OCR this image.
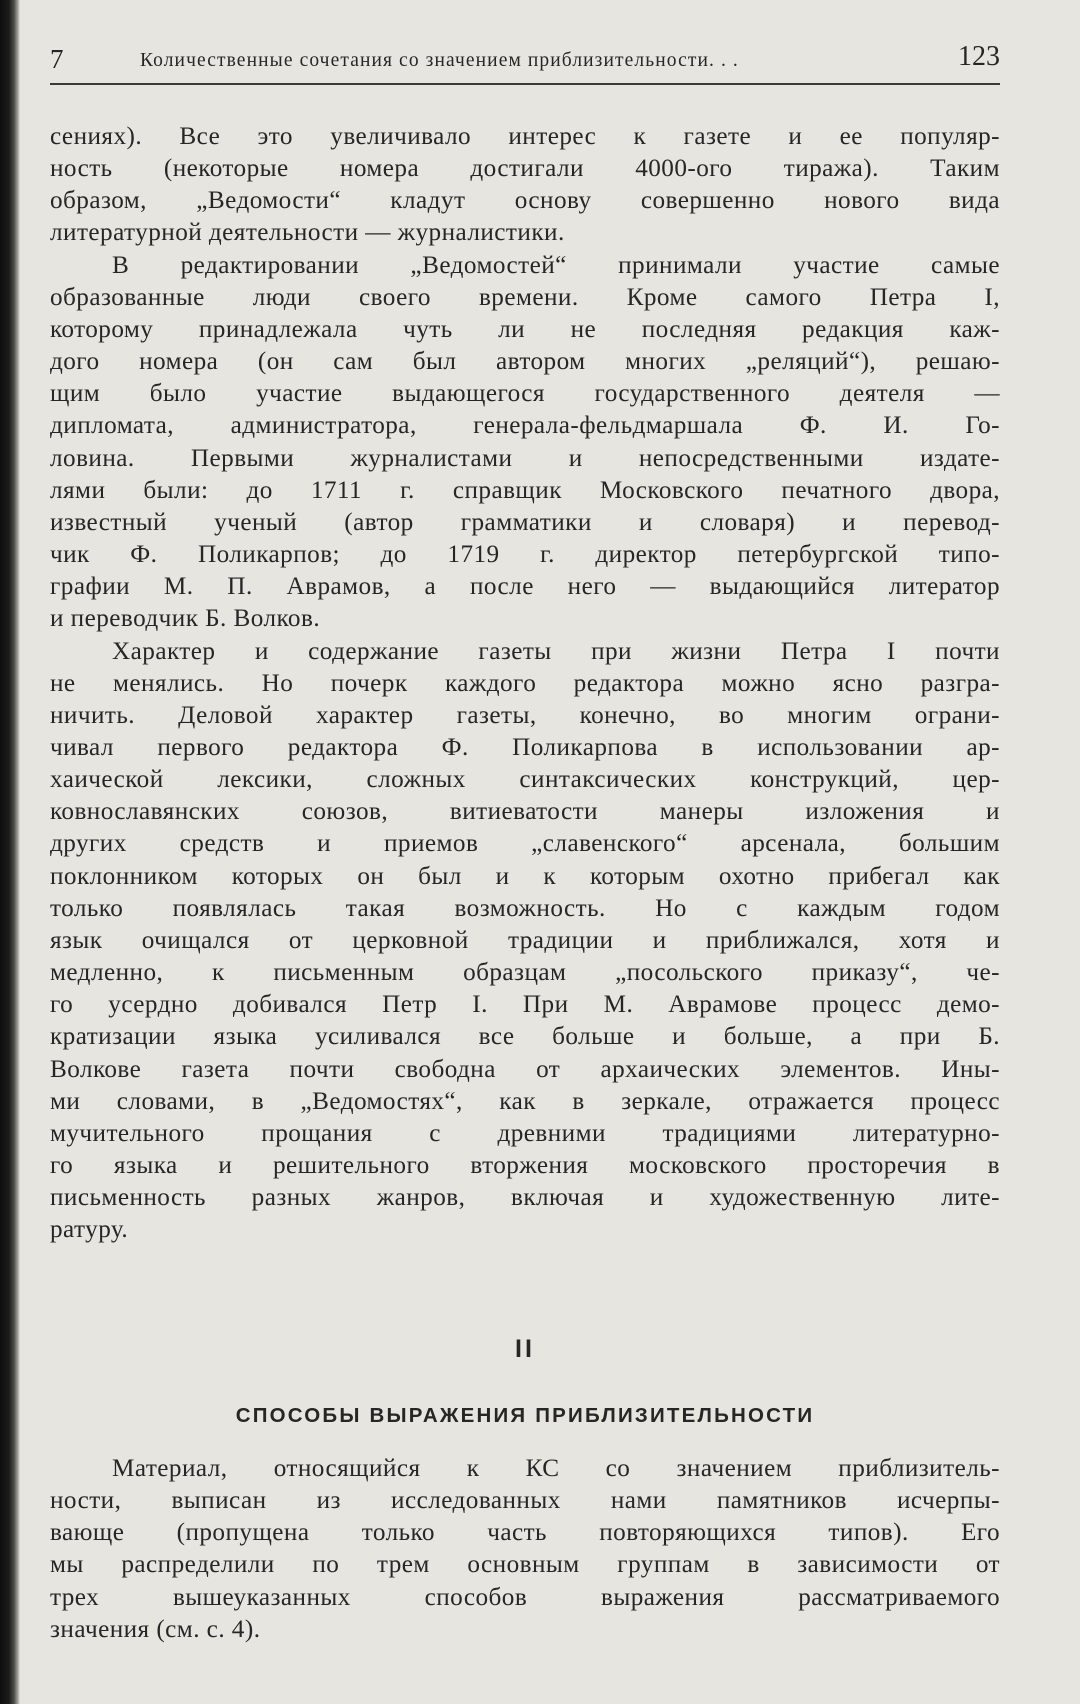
7	Количественные сочетания со значением приблизительности. . .	123

сениях). Все это увеличивало интерес к газете и ее популяр-
ность (некоторые номера достигали 4000-ого тиража). Таким
образом, „Ведомости“ кладут основу совершенно нового вида
литературной деятельности — журналистики.

В редактировании „Ведомостей“ принимали участие самые
образованные люди своего времени. Кроме самого Петра I,
которому принадлежала чуть ли не последняя редакция каж-
дого номера (он сам был автором многих „реляций“), решаю-
щим было участие выдающегося государственного деятеля —
дипломата, администратора, генерала-фельдмаршала Ф. И. Го-
ловина. Первыми журналистами и непосредственными издате-
лями были: до 1711 г. справщик Московского печатного двора,
известный ученый (автор грамматики и словаря) и перевод-
чик Ф. Поликарпов; до 1719 г. директор петербургской типо-
графии М. П. Аврамов, а после него — выдающийся литератор
и переводчик Б. Волков.

Характер и содержание газеты при жизни Петра I почти
не менялись. Но почерк каждого редактора можно ясно разгра-
ничить. Деловой характер газеты, конечно, во многим ограни-
чивал первого редактора Ф. Поликарпова в использовании ар-
хаической лексики, сложных синтаксических конструкций, цер-
ковнославянских союзов, витиеватости манеры изложения и
других средств и приемов „славенского“ арсенала, большим
поклонником которых он был и к которым охотно прибегал как
только появлялась такая возможность. Но с каждым годом
язык очищался от церковной традиции и приближался, хотя и
медленно, к письменным образцам „посольского приказу“, че-
го усердно добивался Петр I. При М. Аврамове процесс демо-
кратизации языка усиливался все больше и больше, а при Б.
Волкове газета почти свободна от архаических элементов. Ины-
ми словами, в „Ведомостях“, как в зеркале, отражается процесс
мучительного прощания с древними традициями литературно-
го языка и решительного вторжения московского просторечия в
письменность разных жанров, включая и художественную лите-
ратуру.

II
СПОСОБЫ ВЫРАЖЕНИЯ ПРИБЛИЗИТЕЛЬНОСТИ

Материал, относящийся к КС со значением приблизитель-
ности, выписан из исследованных нами памятников исчерпы-
вающе (пропущена только часть повторяющихся типов). Его
мы распределили по трем основным группам в зависимости от
трех вышеуказанных способов выражения рассматриваемого
значения (см. с. 4).
